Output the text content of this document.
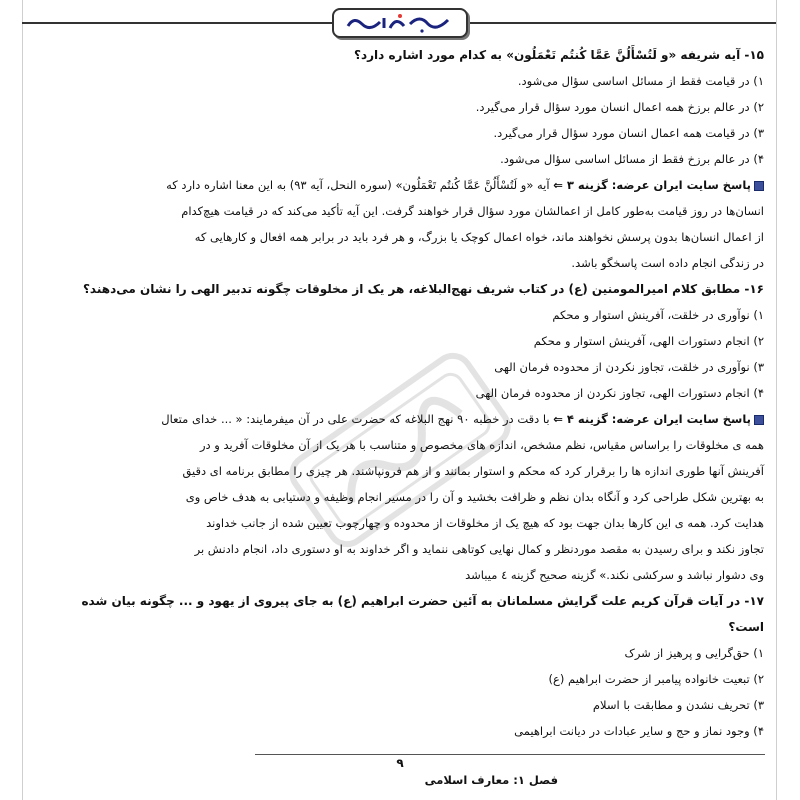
۱۵- آیه شریفه «و لَتُسْأَلُنَّ عَمَّا كُنتُم تَعْمَلُون» به کدام مورد اشاره دارد؟
۱) در قیامت فقط از مسائل اساسی سؤال می‌شود.
۲) در عالم برزخ همه اعمال انسان مورد سؤال قرار می‌گیرد.
۳) در قیامت همه اعمال انسان مورد سؤال قرار می‌گیرد.
۴) در عالم برزخ فقط از مسائل اساسی سؤال می‌شود.
پاسخ سایت ایران عرضه: گزینه ۳ ⇐ آیه «و لَتُسْأَلُنَّ عَمَّا كُنتُم تَعْمَلُون» (سوره النحل، آیه ۹۳) به این معنا اشاره دارد که
انسان‌ها در روز قیامت به‌طور کامل از اعمالشان مورد سؤال قرار خواهند گرفت. این آیه تأکید می‌کند که در قیامت هیچ‌کدام
از اعمال انسان‌ها بدون پرسش نخواهند ماند، خواه اعمال کوچک یا بزرگ، و هر فرد باید در برابر همه افعال و کارهایی که
در زندگی انجام داده است پاسخگو باشد.
۱۶- مطابق کلام امیرالمومنین (ع) در کتاب شریف نهج‌البلاغه، هر یک از مخلوقات چگونه تدبیر الهی را نشان می‌دهند؟
۱) نوآوری در خلقت، آفرینش استوار و محکم
۲) انجام دستورات الهی، آفرینش استوار و محکم
۳) نوآوری در خلقت، تجاوز نکردن از محدوده فرمان الهی
۴) انجام دستورات الهی، تجاوز نکردن از محدوده فرمان الهی
پاسخ سایت ایران عرضه: گزینه ۴ ⇐ با دقت در خطبه ۹۰ نهج البلاغه که حضرت علی در آن میفرمایند: « ... خدای متعال
همه ی مخلوقات را براساس مقیاس، نظم مشخص، اندازه های مخصوص و متناسب با هر یک از آن مخلوقات آفرید و در
آفرینش آنها طوری اندازه ها را برقرار کرد که محکم و استوار بمانند و از هم فرونپاشند. هر چیزی را مطابق برنامه ای دقیق
به بهترین شکل طراحی کرد و آنگاه بدان نظم و ظرافت بخشید و آن را در مسیر انجام وظیفه و دستیابی به هدف خاص وی
هدایت کرد. همه ی این کارها بدان جهت بود که هیچ یک از مخلوقات از محدوده و چهارچوب تعیین شده از جانب خداوند
تجاوز نکند و برای رسیدن به مقصد موردنظر و کمال نهایی کوتاهی ننماید و اگر خداوند به او دستوری داد، انجام دادنش بر
وی دشوار نباشد و سرکشی نکند.» گزینه صحیح گزینه ٤ میباشد
۱۷- در آیات قرآن کریم علت گرایش مسلمانان به آئین حضرت ابراهیم (ع) به جای پیروی از یهود و ... چگونه بیان شده
است؟
۱) حق‌گرایی و پرهیز از شرک
۲) تبعیت خانواده پیامبر از حضرت ابراهیم (ع)
۳) تحریف نشدن و مطابقت با اسلام
۴) وجود نماز و حج و سایر عبادات در دیانت ابراهیمی
۹
فصل ۱: معارف اسلامی
